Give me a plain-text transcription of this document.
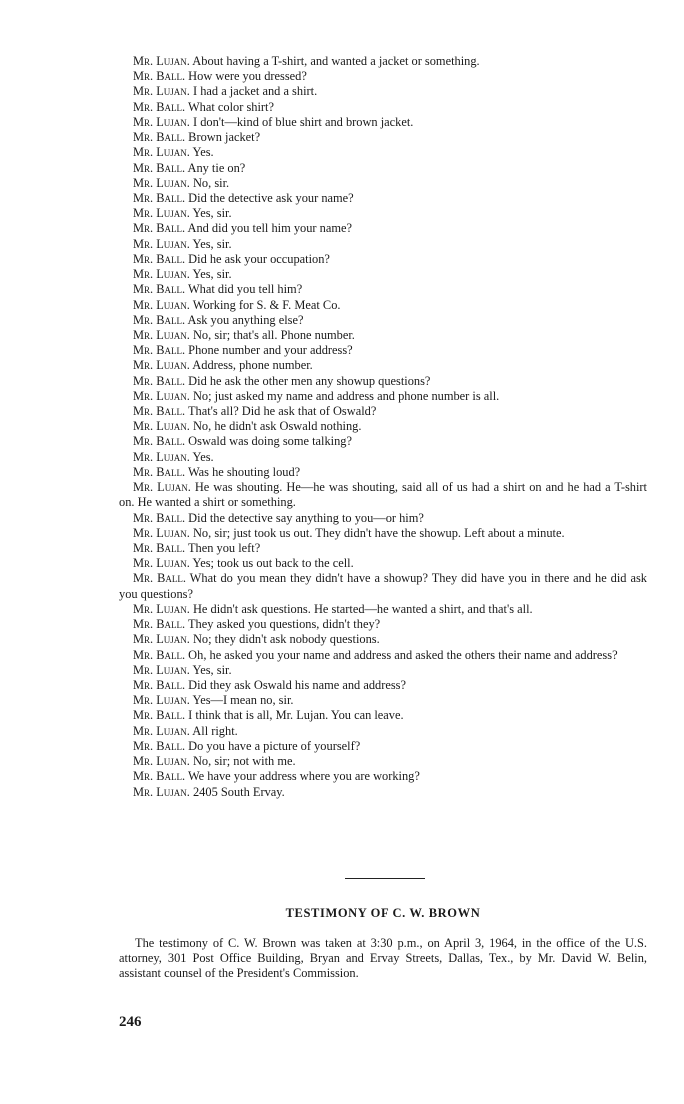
Mr. Lujan. About having a T-shirt, and wanted a jacket or something.
Mr. Ball. How were you dressed?
Mr. Lujan. I had a jacket and a shirt.
Mr. Ball. What color shirt?
Mr. Lujan. I don't—kind of blue shirt and brown jacket.
Mr. Ball. Brown jacket?
Mr. Lujan. Yes.
Mr. Ball. Any tie on?
Mr. Lujan. No, sir.
Mr. Ball. Did the detective ask your name?
Mr. Lujan. Yes, sir.
Mr. Ball. And did you tell him your name?
Mr. Lujan. Yes, sir.
Mr. Ball. Did he ask your occupation?
Mr. Lujan. Yes, sir.
Mr. Ball. What did you tell him?
Mr. Lujan. Working for S. & F. Meat Co.
Mr. Ball. Ask you anything else?
Mr. Lujan. No, sir; that's all. Phone number.
Mr. Ball. Phone number and your address?
Mr. Lujan. Address, phone number.
Mr. Ball. Did he ask the other men any showup questions?
Mr. Lujan. No; just asked my name and address and phone number is all.
Mr. Ball. That's all? Did he ask that of Oswald?
Mr. Lujan. No, he didn't ask Oswald nothing.
Mr. Ball. Oswald was doing some talking?
Mr. Lujan. Yes.
Mr. Ball. Was he shouting loud?
Mr. Lujan. He was shouting. He—he was shouting, said all of us had a shirt on and he had a T-shirt on. He wanted a shirt or something.
Mr. Ball. Did the detective say anything to you—or him?
Mr. Lujan. No, sir; just took us out. They didn't have the showup. Left about a minute.
Mr. Ball. Then you left?
Mr. Lujan. Yes; took us out back to the cell.
Mr. Ball. What do you mean they didn't have a showup? They did have you in there and he did ask you questions?
Mr. Lujan. He didn't ask questions. He started—he wanted a shirt, and that's all.
Mr. Ball. They asked you questions, didn't they?
Mr. Lujan. No; they didn't ask nobody questions.
Mr. Ball. Oh, he asked you your name and address and asked the others their name and address?
Mr. Lujan. Yes, sir.
Mr. Ball. Did they ask Oswald his name and address?
Mr. Lujan. Yes—I mean no, sir.
Mr. Ball. I think that is all, Mr. Lujan. You can leave.
Mr. Lujan. All right.
Mr. Ball. Do you have a picture of yourself?
Mr. Lujan. No, sir; not with me.
Mr. Ball. We have your address where you are working?
Mr. Lujan. 2405 South Ervay.
TESTIMONY OF C. W. BROWN
The testimony of C. W. Brown was taken at 3:30 p.m., on April 3, 1964, in the office of the U.S. attorney, 301 Post Office Building, Bryan and Ervay Streets, Dallas, Tex., by Mr. David W. Belin, assistant counsel of the President's Commission.
246
